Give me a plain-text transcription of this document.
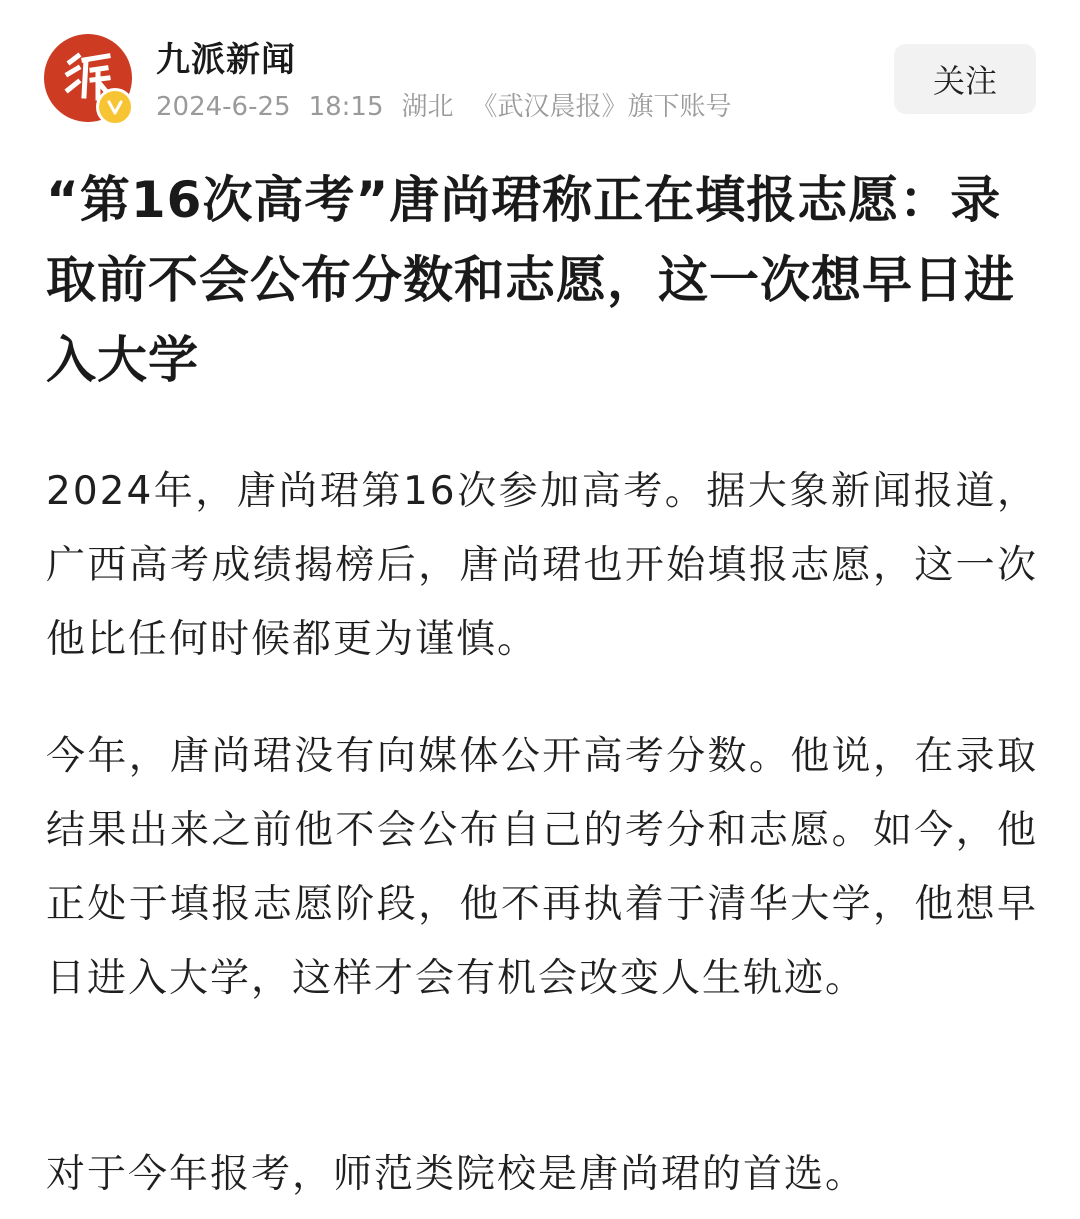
九派新闻
2024-6-25 18:15 湖北 《武汉晨报》旗下账号
关注
“第16次高考”唐尚珺称正在填报志愿：录取前不会公布分数和志愿，这一次想早日进入大学

2024年，唐尚珺第16次参加高考。据大象新闻报道，广西高考成绩揭榜后，唐尚珺也开始填报志愿，这一次他比任何时候都更为谨慎。

今年，唐尚珺没有向媒体公开高考分数。他说，在录取结果出来之前他不会公布自己的考分和志愿。如今，他正处于填报志愿阶段，他不再执着于清华大学，他想早日进入大学，这样才会有机会改变人生轨迹。

对于今年报考，师范类院校是唐尚珺的首选。
